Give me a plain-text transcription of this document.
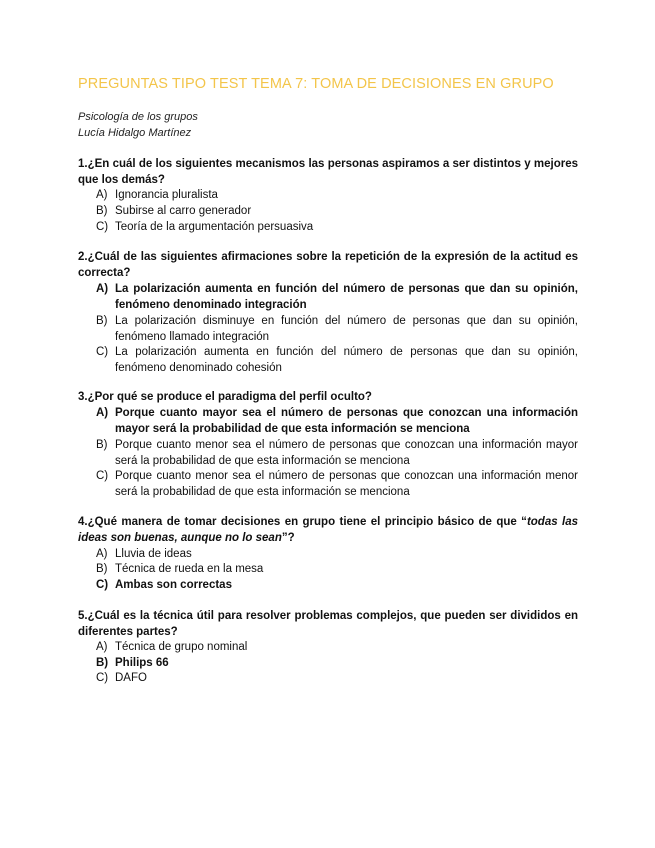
PREGUNTAS TIPO TEST TEMA 7: TOMA DE DECISIONES EN GRUPO
Psicología de los grupos
Lucía Hidalgo Martínez
1.¿En cuál de los siguientes mecanismos las personas aspiramos a ser distintos y mejores que los demás?
A) Ignorancia pluralista
B) Subirse al carro generador
C) Teoría de la argumentación persuasiva
2.¿Cuál de las siguientes afirmaciones sobre la repetición de la expresión de la actitud es correcta?
A) La polarización aumenta en función del número de personas que dan su opinión, fenómeno denominado integración
B) La polarización disminuye en función del número de personas que dan su opinión, fenómeno llamado integración
C) La polarización aumenta en función del número de personas que dan su opinión, fenómeno denominado cohesión
3.¿Por qué se produce el paradigma del perfil oculto?
A) Porque cuanto mayor sea el número de personas que conozcan una información mayor será la probabilidad de que esta información se menciona
B) Porque cuanto menor sea el número de personas que conozcan una información mayor será la probabilidad de que esta información se menciona
C) Porque cuanto menor sea el número de personas que conozcan una información menor será la probabilidad de que esta información se menciona
4.¿Qué manera de tomar decisiones en grupo tiene el principio básico de que “todas las ideas son buenas, aunque no lo sean”?
A) Lluvia de ideas
B) Técnica de rueda en la mesa
C) Ambas son correctas
5.¿Cuál es la técnica útil para resolver problemas complejos, que pueden ser divididos en diferentes partes?
A) Técnica de grupo nominal
B) Philips 66
C) DAFO
